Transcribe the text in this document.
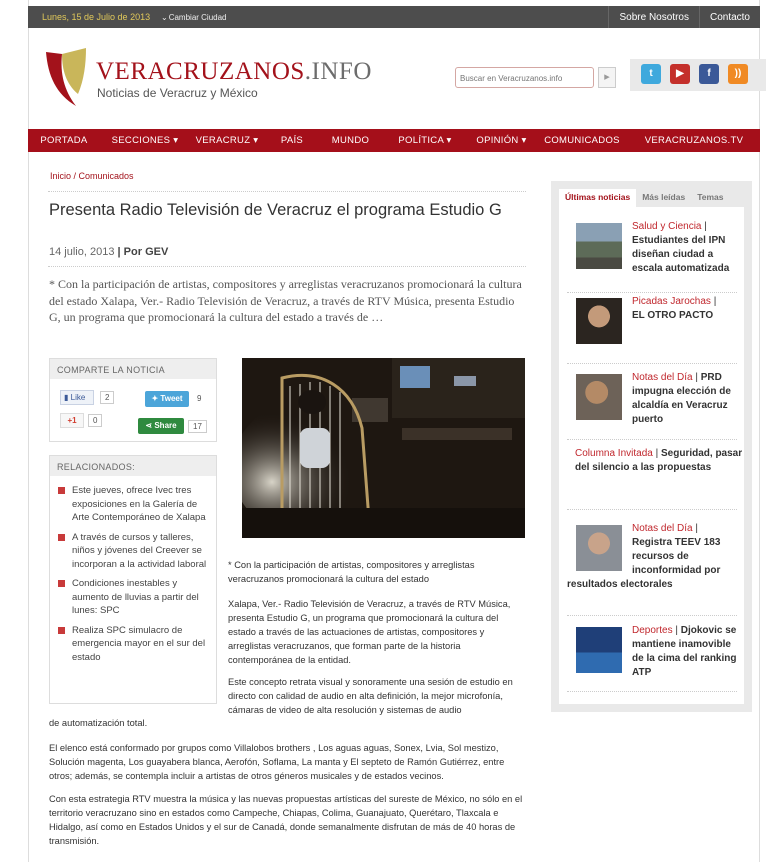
Lunes, 15 de Julio de 2013 ⌄Cambiar Ciudad	Sobre Nosotros	Contacto
VERACRUZANOS.INFO
Noticias de Veracruz y México
Buscar en Veracruzanos.info
▸	t	▶	f	))
PORTADA	SECCIONES ▾	VERACRUZ ▾	PAÍS	MUNDO	POLÍTICA ▾	OPINIÓN ▾	COMUNICADOS	VERACRUZANOS.TV
Inicio / Comunicados
Presenta Radio Televisión de Veracruz el programa Estudio G
14 julio, 2013 | Por GEV

* Con la participación de artistas, compositores y arreglistas veracruzanos promocionará la cultura del estado Xalapa, Ver.- Radio Televisión de Veracruz, a través de RTV Música, presenta Estudio G, un programa que promocionará la cultura del estado a través de …

COMPARTE LA NOTICIA
▮ Like	2	✦ Tweet	9
+1	0
⋖ Share	17
RELACIONADOS:
Este jueves, ofrece Ivec tres exposiciones en la Galería de Arte Contemporáneo de Xalapa
A través de cursos y talleres, niños y jóvenes del Creever se incorporan a la actividad laboral
Condiciones inestables y aumento de lluvias a partir del lunes: SPC
Realiza SPC simulacro de emergencia mayor en el sur del estado

* Con la participación de artistas, compositores y arreglistas veracruzanos promocionará la cultura del estado

Xalapa, Ver.- Radio Televisión de Veracruz, a través de RTV Música, presenta Estudio G, un programa que promocionará la cultura del estado a través de las actuaciones de artistas, compositores y arreglistas veracruzanos, que forman parte de la historia contemporánea de la entidad.

Este concepto retrata visual y sonoramente una sesión de estudio en directo con calidad de audio en alta definición, la mejor microfonía, cámaras de video de alta resolución y sistemas de audio

de automatización total.

El elenco está conformado por grupos como Villalobos brothers , Los aguas aguas, Sonex, Lvia, Sol mestizo, Solución magenta, Los guayabera blanca, Aerofón, Soflama, La manta y El septeto de Ramón Gutiérrez, entre otros; además, se contempla incluir a artistas de otros géneros musicales y de estados vecinos.

Con esta estrategia RTV muestra la música y las nuevas propuestas artísticas del sureste de México, no sólo en el territorio veracruzano sino en estados como Campeche, Chiapas, Colima, Guanajuato, Querétaro, Tlaxcala e Hidalgo, así como en Estados Unidos y el sur de Canadá, donde semanalmente disfrutan de más de 40 horas de transmisión.

Últimas noticias	Más leídas	Temas
Salud y Ciencia |
Estudiantes del IPN diseñan ciudad a escala automatizada
Picadas Jarochas |
EL OTRO PACTO
Notas del Día | PRD impugna elección de alcaldía en Veracruz puerto
Columna Invitada | Seguridad, pasar del silencio a las propuestas
Notas del Día | Registra TEEV 183 recursos de inconformidad por resultados electorales
Deportes | Djokovic se mantiene inamovible de la cima del ranking ATP
